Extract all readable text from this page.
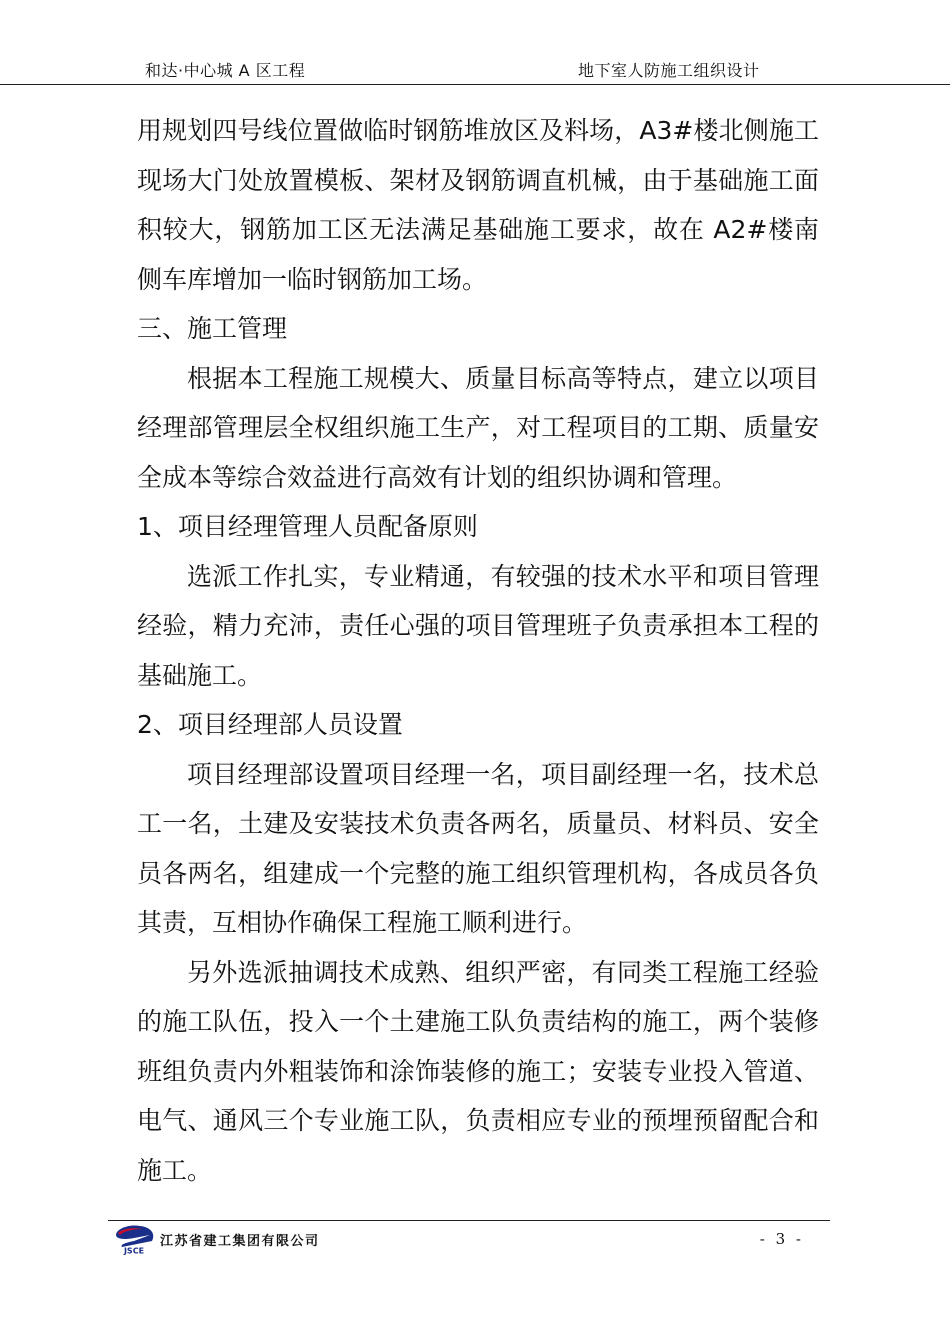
和达·中心城 A 区工程	地下室人防施工组织设计

用规划四号线位置做临时钢筋堆放区及料场，A3#楼北侧施工现场大门处放置模板、架材及钢筋调直机械，由于基础施工面积较大，钢筋加工区无法满足基础施工要求，故在 A2#楼南侧车库增加一临时钢筋加工场。

三、施工管理

根据本工程施工规模大、质量目标高等特点，建立以项目经理部管理层全权组织施工生产，对工程项目的工期、质量安全成本等综合效益进行高效有计划的组织协调和管理。

1、项目经理管理人员配备原则

选派工作扎实，专业精通，有较强的技术水平和项目管理经验，精力充沛，责任心强的项目管理班子负责承担本工程的基础施工。

2、项目经理部人员设置

项目经理部设置项目经理一名，项目副经理一名，技术总工一名，土建及安装技术负责各两名，质量员、材料员、安全员各两名，组建成一个完整的施工组织管理机构，各成员各负其责，互相协作确保工程施工顺利进行。

另外选派抽调技术成熟、组织严密，有同类工程施工经验的施工队伍，投入一个土建施工队负责结构的施工，两个装修班组负责内外粗装饰和涂饰装修的施工；安装专业投入管道、电气、通风三个专业施工队，负责相应专业的预埋预留配合和施工。

JSCE
江苏省建工集团有限公司	- 3 -
